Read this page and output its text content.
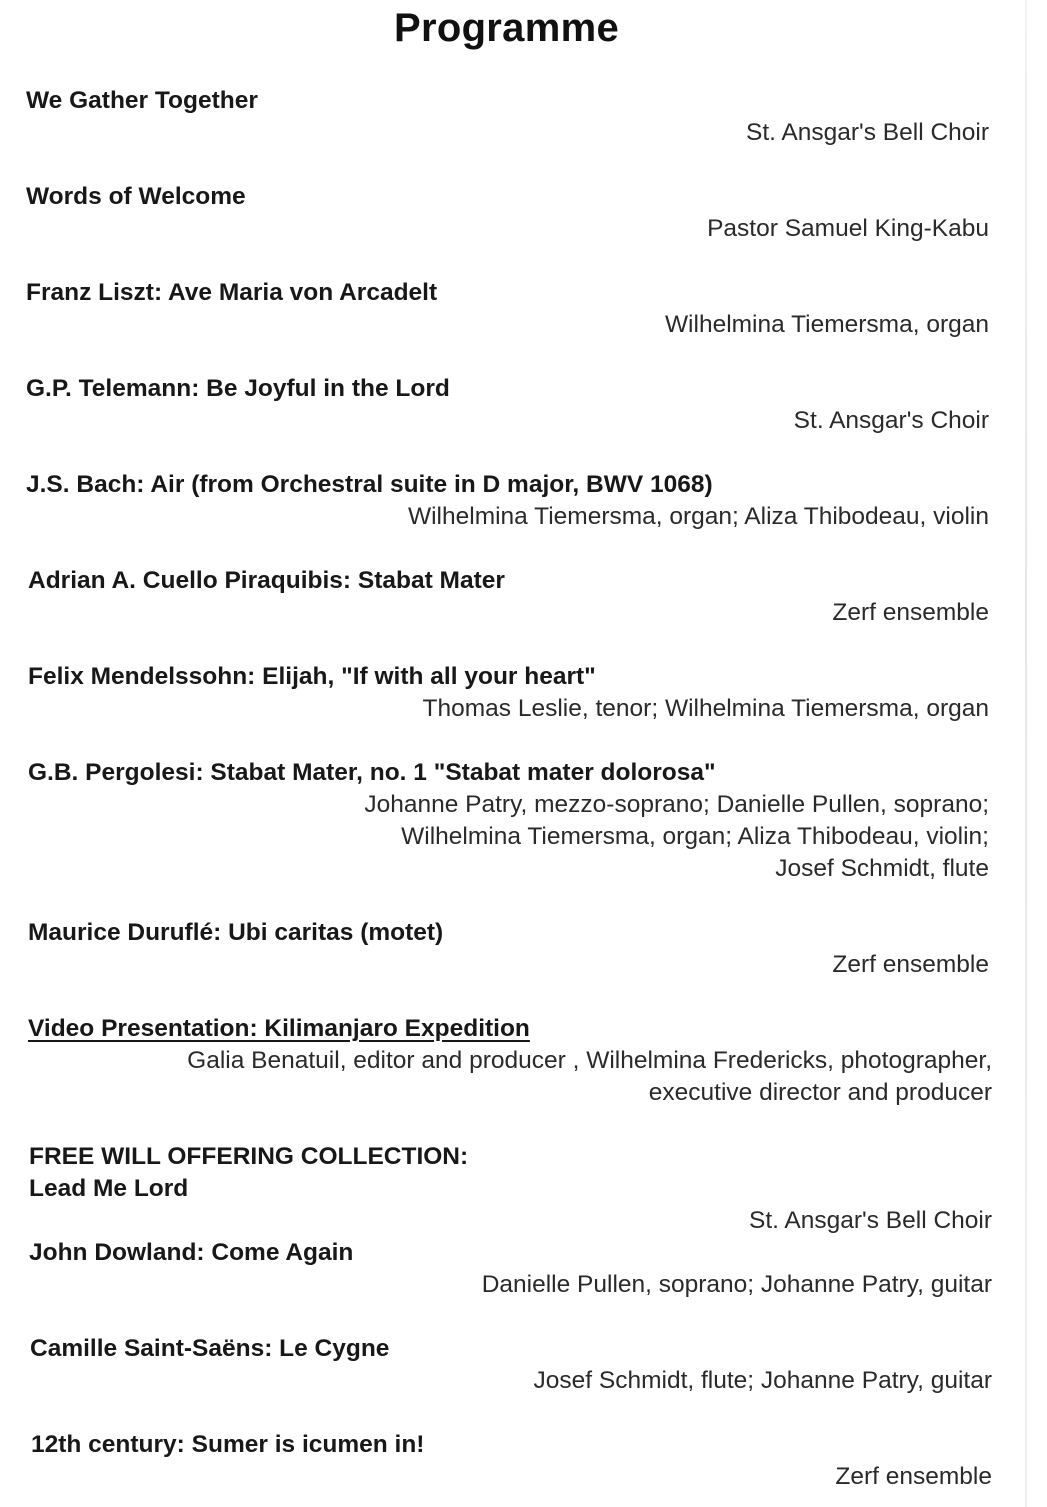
Programme
We Gather Together
St. Ansgar's Bell Choir
Words of Welcome
Pastor Samuel King-Kabu
Franz Liszt: Ave Maria von Arcadelt
Wilhelmina Tiemersma, organ
G.P. Telemann: Be Joyful in the Lord
St. Ansgar's Choir
J.S. Bach: Air (from Orchestral suite in D major, BWV 1068)
Wilhelmina Tiemersma, organ; Aliza Thibodeau, violin
Adrian A. Cuello Piraquibis: Stabat Mater
Zerf ensemble
Felix Mendelssohn: Elijah, "If with all your heart"
Thomas Leslie, tenor; Wilhelmina Tiemersma, organ
G.B. Pergolesi: Stabat Mater, no. 1 "Stabat mater dolorosa"
Johanne Patry, mezzo-soprano; Danielle Pullen, soprano;
Wilhelmina Tiemersma, organ; Aliza Thibodeau, violin;
Josef Schmidt, flute
Maurice Duruflé: Ubi caritas (motet)
Zerf ensemble
Video Presentation: Kilimanjaro Expedition
Galia Benatuil, editor and producer , Wilhelmina Fredericks, photographer,
executive director and producer
FREE WILL OFFERING COLLECTION:
Lead Me Lord
St. Ansgar's Bell Choir
John Dowland: Come Again
Danielle Pullen, soprano; Johanne Patry, guitar
Camille Saint-Saëns: Le Cygne
Josef Schmidt, flute; Johanne Patry, guitar
12th century: Sumer is icumen in!
Zerf ensemble
